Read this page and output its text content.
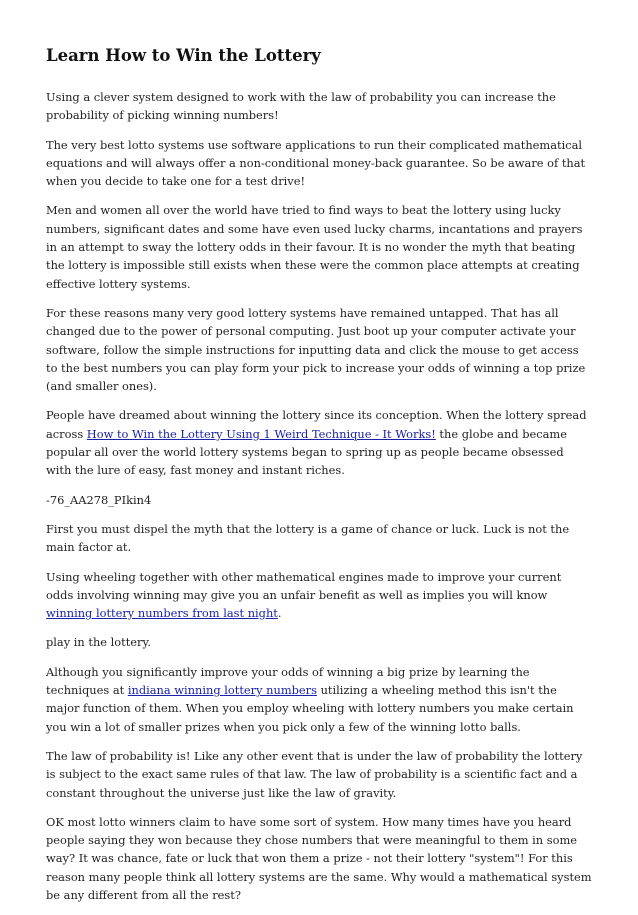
Learn How to Win the Lottery

Using a clever system designed to work with the law of probability you can increase the probability of picking winning numbers!

The very best lotto systems use software applications to run their complicated mathematical equations and will always offer a non-conditional money-back guarantee. So be aware of that when you decide to take one for a test drive!

Men and women all over the world have tried to find ways to beat the lottery using lucky numbers, significant dates and some have even used lucky charms, incantations and prayers in an attempt to sway the lottery odds in their favour. It is no wonder the myth that beating the lottery is impossible still exists when these were the common place attempts at creating effective lottery systems.

For these reasons many very good lottery systems have remained untapped. That has all changed due to the power of personal computing. Just boot up your computer activate your software, follow the simple instructions for inputting data and click the mouse to get access to the best numbers you can play form your pick to increase your odds of winning a top prize (and smaller ones).

People have dreamed about winning the lottery since its conception. When the lottery spread across How to Win the Lottery Using 1 Weird Technique - It Works! the globe and became popular all over the world lottery systems began to spring up as people became obsessed with the lure of easy, fast money and instant riches.

-76_AA278_PIkin4

First you must dispel the myth that the lottery is a game of chance or luck. Luck is not the main factor at.

Using wheeling together with other mathematical engines made to improve your current odds involving winning may give you an unfair benefit as well as implies you will know winning lottery numbers from last night.

play in the lottery.

Although you significantly improve your odds of winning a big prize by learning the techniques at indiana winning lottery numbers utilizing a wheeling method this isn't the major function of them. When you employ wheeling with lottery numbers you make certain you win a lot of smaller prizes when you pick only a few of the winning lotto balls.

The law of probability is! Like any other event that is under the law of probability the lottery is subject to the exact same rules of that law. The law of probability is a scientific fact and a constant throughout the universe just like the law of gravity.

OK most lotto winners claim to have some sort of system. How many times have you heard people saying they won because they chose numbers that were meaningful to them in some way? It was chance, fate or luck that won them a prize - not their lottery "system"! For this reason many people think all lottery systems are the same. Why would a mathematical system be any different from all the rest?
